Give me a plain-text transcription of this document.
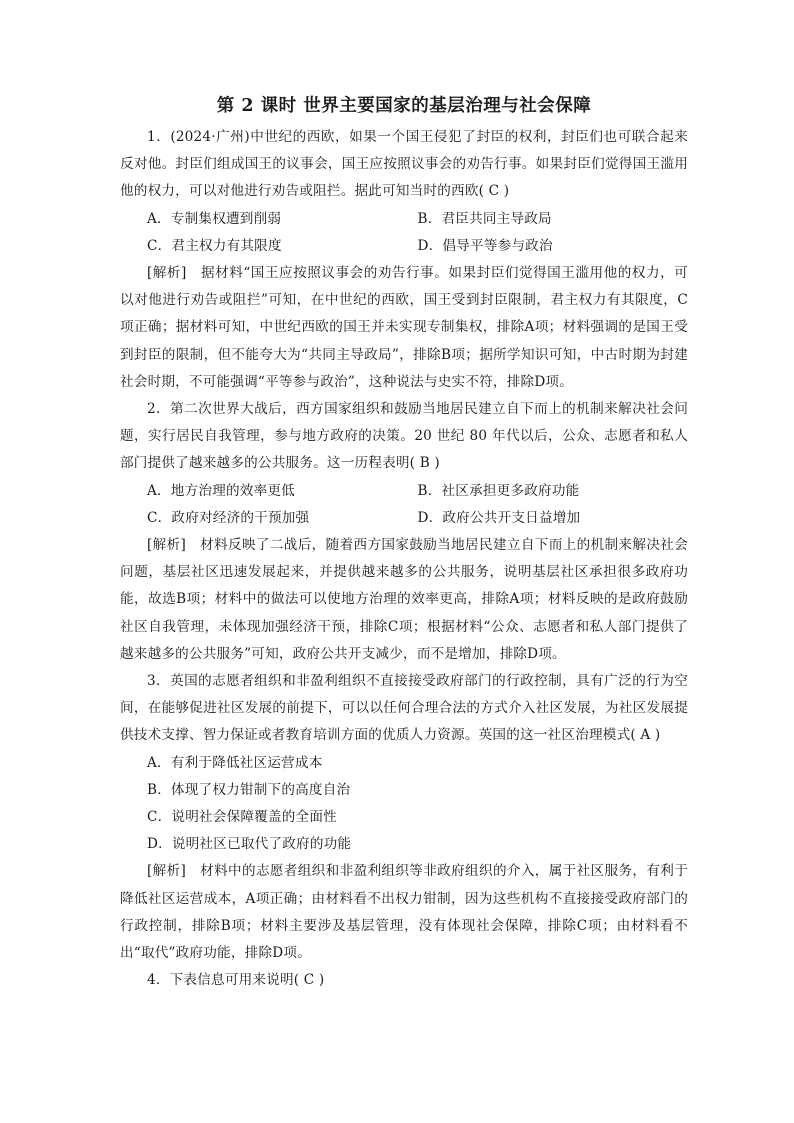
第 2 课时 世界主要国家的基层治理与社会保障

1．(2024·广州)中世纪的西欧，如果一个国王侵犯了封臣的权利，封臣们也可联合起来反对他。封臣们组成国王的议事会，国王应按照议事会的劝告行事。如果封臣们觉得国王滥用他的权力，可以对他进行劝告或阻拦。据此可知当时的西欧( C )

A．专制集权遭到削弱	B．君臣共同主导政局
C．君主权力有其限度	D．倡导平等参与政治

[解析]　据材料“国王应按照议事会的劝告行事。如果封臣们觉得国王滥用他的权力，可以对他进行劝告或阻拦”可知，在中世纪的西欧，国王受到封臣限制，君主权力有其限度，C项正确；据材料可知，中世纪西欧的国王并未实现专制集权，排除A项；材料强调的是国王受到封臣的限制，但不能夸大为“共同主导政局”，排除B项；据所学知识可知，中古时期为封建社会时期，不可能强调“平等参与政治”，这种说法与史实不符，排除D项。

2．第二次世界大战后，西方国家组织和鼓励当地居民建立自下而上的机制来解决社会问题，实行居民自我管理，参与地方政府的决策。20 世纪 80 年代以后，公众、志愿者和私人部门提供了越来越多的公共服务。这一历程表明( B )

A．地方治理的效率更低	B．社区承担更多政府功能
C．政府对经济的干预加强	D．政府公共开支日益增加

[解析]　材料反映了二战后，随着西方国家鼓励当地居民建立自下而上的机制来解决社会问题，基层社区迅速发展起来，并提供越来越多的公共服务，说明基层社区承担很多政府功能，故选B项；材料中的做法可以使地方治理的效率更高，排除A项；材料反映的是政府鼓励社区自我管理，未体现加强经济干预，排除C项；根据材料“公众、志愿者和私人部门提供了越来越多的公共服务”可知，政府公共开支减少，而不是增加，排除D项。

3．英国的志愿者组织和非盈利组织不直接接受政府部门的行政控制，具有广泛的行为空间，在能够促进社区发展的前提下，可以以任何合理合法的方式介入社区发展，为社区发展提供技术支撑、智力保证或者教育培训方面的优质人力资源。英国的这一社区治理模式( A )

A．有利于降低社区运营成本
B．体现了权力钳制下的高度自治
C．说明社会保障覆盖的全面性
D．说明社区已取代了政府的功能

[解析]　材料中的志愿者组织和非盈利组织等非政府组织的介入，属于社区服务，有利于降低社区运营成本，A项正确；由材料看不出权力钳制，因为这些机构不直接接受政府部门的行政控制，排除B项；材料主要涉及基层管理，没有体现社会保障，排除C项；由材料看不出“取代”政府功能，排除D项。

4．下表信息可用来说明( C )
